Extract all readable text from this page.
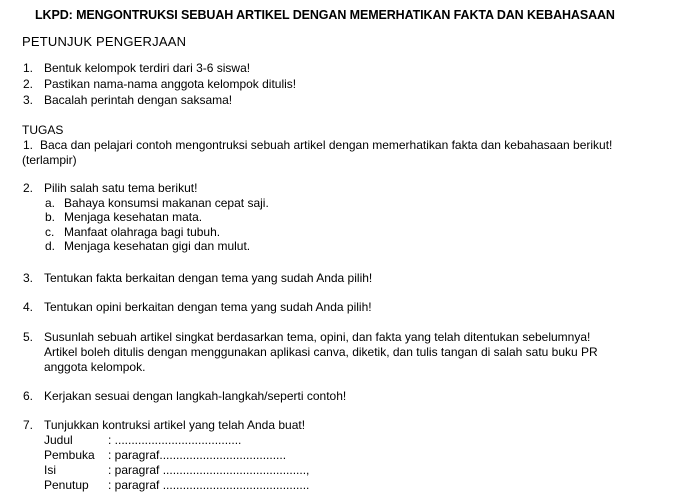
LKPD: MENGONTRUKSI SEBUAH ARTIKEL DENGAN MEMERHATIKAN FAKTA DAN KEBAHASAAN
PETUNJUK PENGERJAAN
1. Bentuk kelompok terdiri dari 3-6 siswa!
2. Pastikan nama-nama anggota kelompok ditulis!
3. Bacalah perintah dengan saksama!
TUGAS
1. Baca dan pelajari contoh mengontruksi sebuah artikel dengan memerhatikan fakta dan kebahasaan berikut!
(terlampir)
2. Pilih salah satu tema berikut!
a. Bahaya konsumsi makanan cepat saji.
b. Menjaga kesehatan mata.
c. Manfaat olahraga bagi tubuh.
d. Menjaga kesehatan gigi dan mulut.
3. Tentukan fakta berkaitan dengan tema yang sudah Anda pilih!
4. Tentukan opini berkaitan dengan tema yang sudah Anda pilih!
5. Susunlah sebuah artikel singkat berdasarkan tema, opini, dan fakta yang telah ditentukan sebelumnya!
Artikel boleh ditulis dengan menggunakan aplikasi canva, diketik, dan tulis tangan di salah satu buku PR
anggota kelompok.
6. Kerjakan sesuai dengan langkah-langkah/seperti contoh!
7. Tunjukkan kontruksi artikel yang telah Anda buat!
Judul	: ......................................
Pembuka : paragraf......................................
Isi	: paragraf ...........................................,
Penutup : paragraf ............................................
